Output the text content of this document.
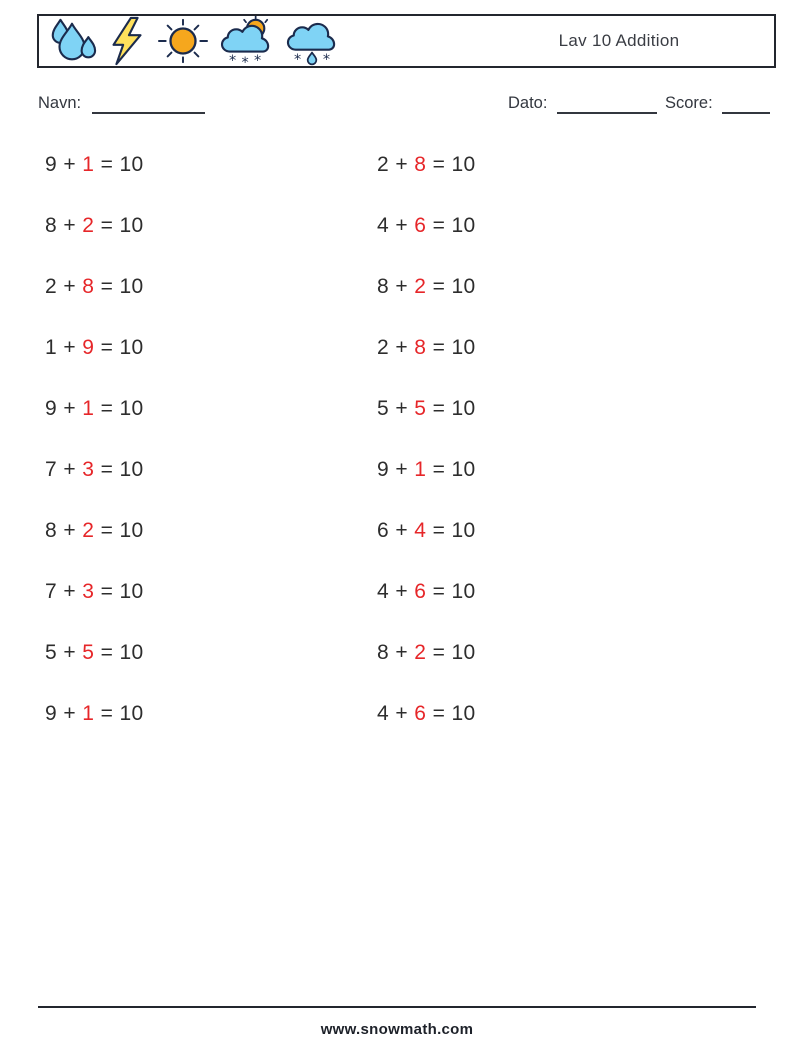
* * * * *
Lav 10 Addition
Navn:	Dato:	Score:
9 + 1 = 10
8 + 2 = 10
2 + 8 = 10
1 + 9 = 10
9 + 1 = 10
7 + 3 = 10
8 + 2 = 10
7 + 3 = 10
5 + 5 = 10
9 + 1 = 10
2 + 8 = 10
4 + 6 = 10
8 + 2 = 10
2 + 8 = 10
5 + 5 = 10
9 + 1 = 10
6 + 4 = 10
4 + 6 = 10
8 + 2 = 10
4 + 6 = 10
www.snowmath.com
